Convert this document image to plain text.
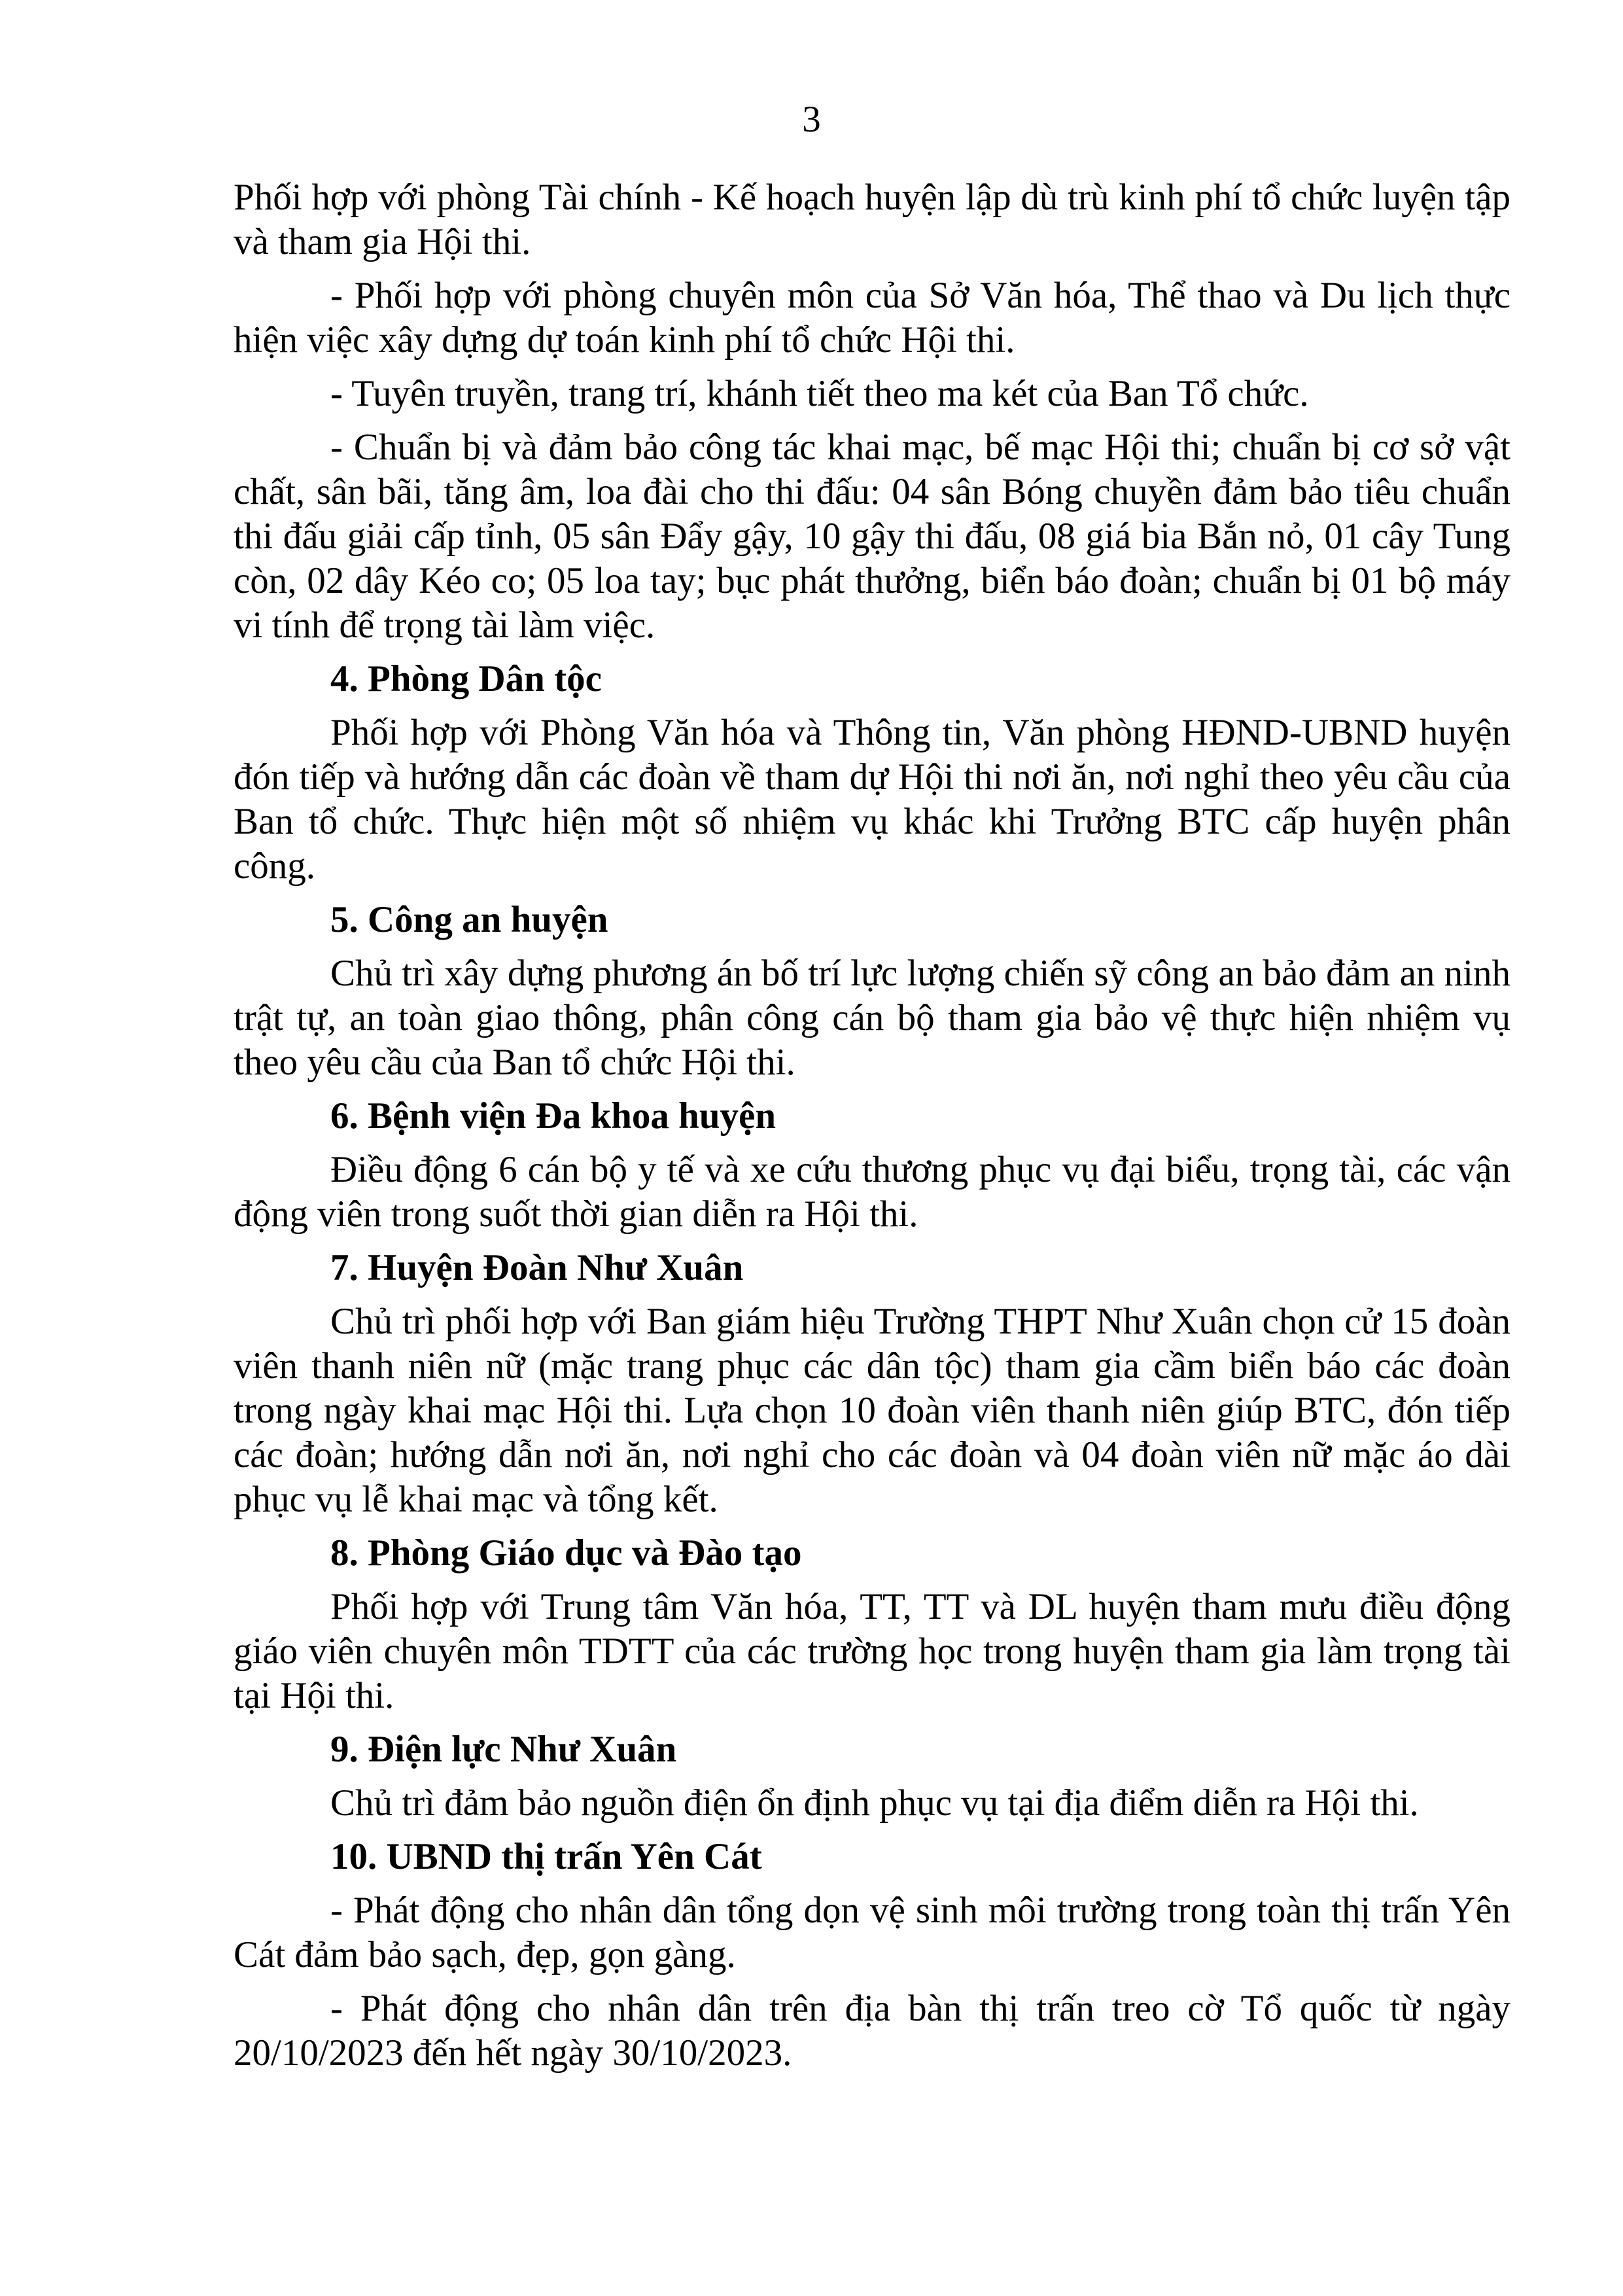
3

Phối hợp với phòng Tài chính - Kế hoạch huyện lập dù trù kinh phí tổ chức luyện tập và tham gia Hội thi.

- Phối hợp với phòng chuyên môn của Sở Văn hóa, Thể thao và Du lịch thực hiện việc xây dựng dự toán kinh phí tổ chức Hội thi.

- Tuyên truyền, trang trí, khánh tiết theo ma két của Ban Tổ chức.

- Chuẩn bị và đảm bảo công tác khai mạc, bế mạc Hội thi; chuẩn bị cơ sở vật chất, sân bãi, tăng âm, loa đài cho thi đấu: 04 sân Bóng chuyền đảm bảo tiêu chuẩn thi đấu giải cấp tỉnh, 05 sân Đẩy gậy, 10 gậy thi đấu, 08 giá bia Bắn nỏ, 01 cây Tung còn, 02 dây Kéo co; 05 loa tay; bục phát thưởng, biển báo đoàn; chuẩn bị 01 bộ máy vi tính để trọng tài làm việc.

4. Phòng Dân tộc

Phối hợp với Phòng Văn hóa và Thông tin, Văn phòng HĐND-UBND huyện đón tiếp và hướng dẫn các đoàn về tham dự Hội thi nơi ăn, nơi nghỉ theo yêu cầu của Ban tổ chức. Thực hiện một số nhiệm vụ khác khi Trưởng BTC cấp huyện phân công.

5. Công an huyện

Chủ trì xây dựng phương án bố trí lực lượng chiến sỹ công an bảo đảm an ninh trật tự, an toàn giao thông, phân công cán bộ tham gia bảo vệ thực hiện nhiệm vụ theo yêu cầu của Ban tổ chức Hội thi.

6. Bệnh viện Đa khoa huyện

Điều động 6 cán bộ y tế và xe cứu thương phục vụ đại biểu, trọng tài, các vận động viên trong suốt thời gian diễn ra Hội thi.

7. Huyện Đoàn Như Xuân

Chủ trì phối hợp với Ban giám hiệu Trường THPT Như Xuân chọn cử 15 đoàn viên thanh niên nữ (mặc trang phục các dân tộc) tham gia cầm biển báo các đoàn trong ngày khai mạc Hội thi. Lựa chọn 10 đoàn viên thanh niên giúp BTC, đón tiếp các đoàn; hướng dẫn nơi ăn, nơi nghỉ cho các đoàn và 04 đoàn viên nữ mặc áo dài phục vụ lễ khai mạc và tổng kết.

8. Phòng Giáo dục và Đào tạo

Phối hợp với Trung tâm Văn hóa, TT, TT và DL huyện tham mưu điều động giáo viên chuyên môn TDTT của các trường học trong huyện tham gia làm trọng tài tại Hội thi.

9. Điện lực Như Xuân

Chủ trì đảm bảo nguồn điện ổn định phục vụ tại địa điểm diễn ra Hội thi.

10. UBND thị trấn Yên Cát

- Phát động cho nhân dân tổng dọn vệ sinh môi trường trong toàn thị trấn Yên Cát đảm bảo sạch, đẹp, gọn gàng.

- Phát động cho nhân dân trên địa bàn thị trấn treo cờ Tổ quốc từ ngày 20/10/2023 đến hết ngày 30/10/2023.
